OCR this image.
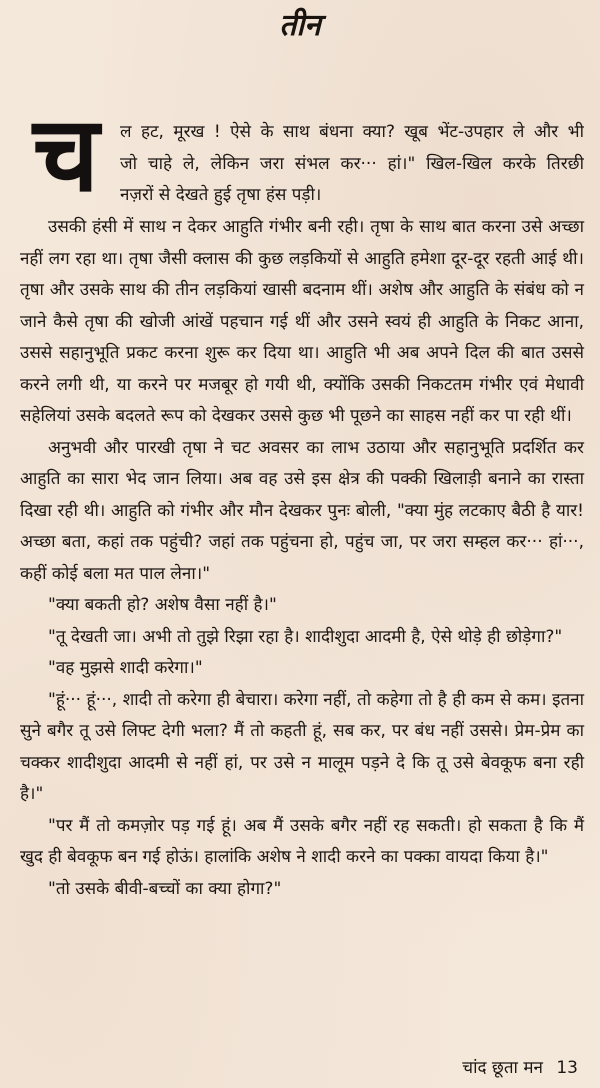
तीन
च	ल हट, मूरख ! ऐसे के साथ बंधना क्या? खूब भेंट-उपहार ले और भी
जो चाहे ले, लेकिन जरा संभल कर··· हां।" खिल-खिल करके तिरछी
नज़रों से देखते हुई तृषा हंस पड़ी।

उसकी हंसी में साथ न देकर आहुति गंभीर बनी रही। तृषा के साथ बात करना उसे अच्छा नहीं लग रहा था। तृषा जैसी क्लास की कुछ लड़कियों से आहुति हमेशा दूर-दूर रहती आई थी। तृषा और उसके साथ की तीन लड़कियां खासी बदनाम थीं। अशेष और आहुति के संबंध को न जाने कैसे तृषा की खोजी आंखें पहचान गई थीं और उसने स्वयं ही आहुति के निकट आना, उससे सहानुभूति प्रकट करना शुरू कर दिया था। आहुति भी अब अपने दिल की बात उससे करने लगी थी, या करने पर मजबूर हो गयी थी, क्योंकि उसकी निकटतम गंभीर एवं मेधावी सहेलियां उसके बदलते रूप को देखकर उससे कुछ भी पूछने का साहस नहीं कर पा रही थीं।

अनुभवी और पारखी तृषा ने चट अवसर का लाभ उठाया और सहानुभूति प्रदर्शित कर आहुति का सारा भेद जान लिया। अब वह उसे इस क्षेत्र की पक्की खिलाड़ी बनाने का रास्ता दिखा रही थी। आहुति को गंभीर और मौन देखकर पुनः बोली, "क्या मुंह लटकाए बैठी है यार! अच्छा बता, कहां तक पहुंची? जहां तक पहुंचना हो, पहुंच जा, पर जरा सम्हल कर··· हां···, कहीं कोई बला मत पाल लेना।"

"क्या बकती हो? अशेष वैसा नहीं है।"

"तू देखती जा। अभी तो तुझे रिझा रहा है। शादीशुदा आदमी है, ऐसे थोड़े ही छोड़ेगा?"

"वह मुझसे शादी करेगा।"

"हूं··· हूं···, शादी तो करेगा ही बेचारा। करेगा नहीं, तो कहेगा तो है ही कम से कम। इतना सुने बगैर तू उसे लिफ्ट देगी भला? मैं तो कहती हूं, सब कर, पर बंध नहीं उससे। प्रेम-प्रेम का चक्कर शादीशुदा आदमी से नहीं हां, पर उसे न मालूम पड़ने दे कि तू उसे बेवकूफ बना रही है।"

"पर मैं तो कमज़ोर पड़ गई हूं। अब मैं उसके बगैर नहीं रह सकती। हो सकता है कि मैं खुद ही बेवकूफ बन गई होऊं। हालांकि अशेष ने शादी करने का पक्का वायदा किया है।"

"तो उसके बीवी-बच्चों का क्या होगा?"

चांद छूता मन 13
